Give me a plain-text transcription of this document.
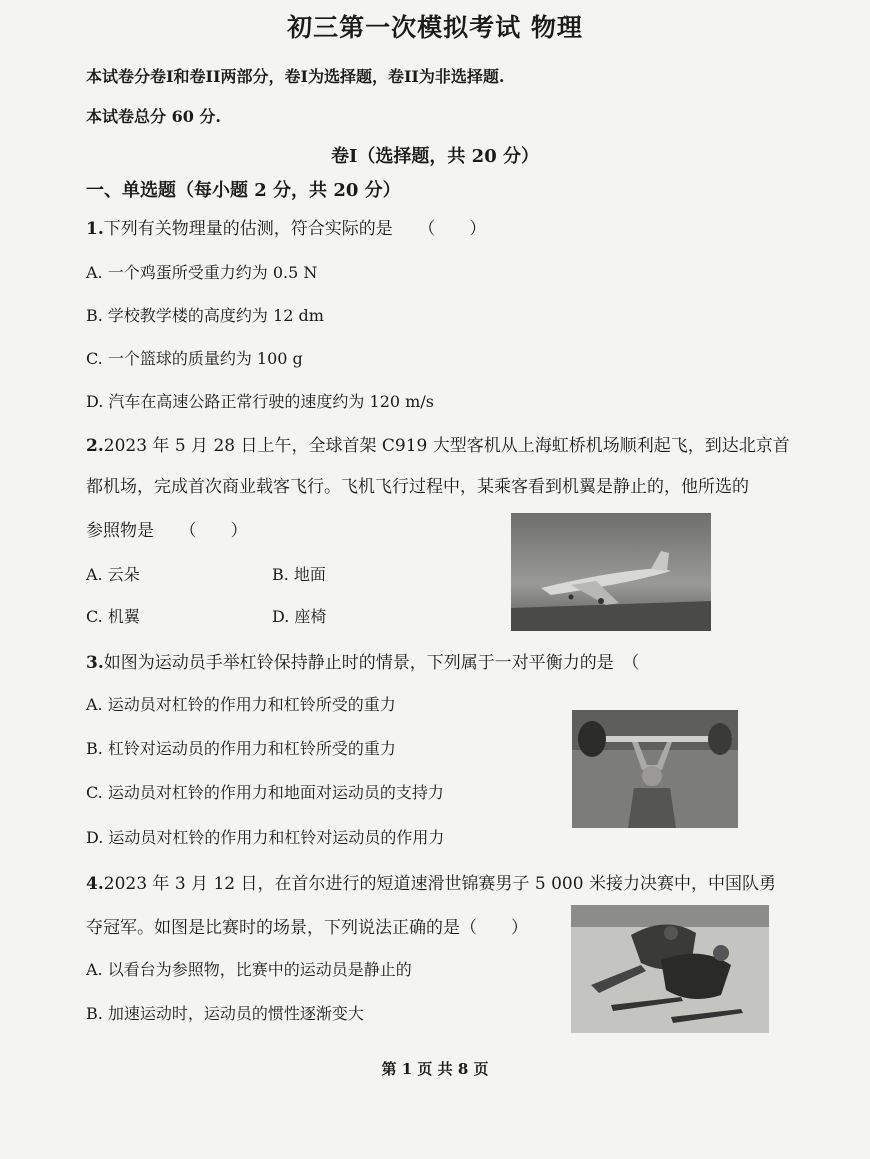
初三第一次模拟考试 物理
本试卷分卷I和卷II两部分，卷I为选择题，卷II为非选择题.
本试卷总分 60 分.
卷I（选择题，共 20 分）
一、单选题（每小题 2 分，共 20 分）
1.下列有关物理量的估测，符合实际的是　　（　　）
A. 一个鸡蛋所受重力约为 0.5 N
B. 学校教学楼的高度约为 12 dm
C. 一个篮球的质量约为 100 g
D. 汽车在高速公路正常行驶的速度约为 120 m/s
2.2023 年 5 月 28 日上午，全球首架 C919 大型客机从上海虹桥机场顺利起飞，到达北京首
都机场，完成首次商业载客飞行。飞机飞行过程中，某乘客看到机翼是静止的，他所选的
参照物是　　（　　）
A. 云朵	B. 地面
C. 机翼	D. 座椅
3.如图为运动员手举杠铃保持静止时的情景，下列属于一对平衡力的是　（
A. 运动员对杠铃的作用力和杠铃所受的重力
B. 杠铃对运动员的作用力和杠铃所受的重力
C. 运动员对杠铃的作用力和地面对运动员的支持力
D. 运动员对杠铃的作用力和杠铃对运动员的作用力
4.2023 年 3 月 12 日，在首尔进行的短道速滑世锦赛男子 5 000 米接力决赛中，中国队勇
夺冠军。如图是比赛时的场景，下列说法正确的是（　　）
A. 以看台为参照物，比赛中的运动员是静止的
B. 加速运动时，运动员的惯性逐渐变大
第 1 页 共 8 页
